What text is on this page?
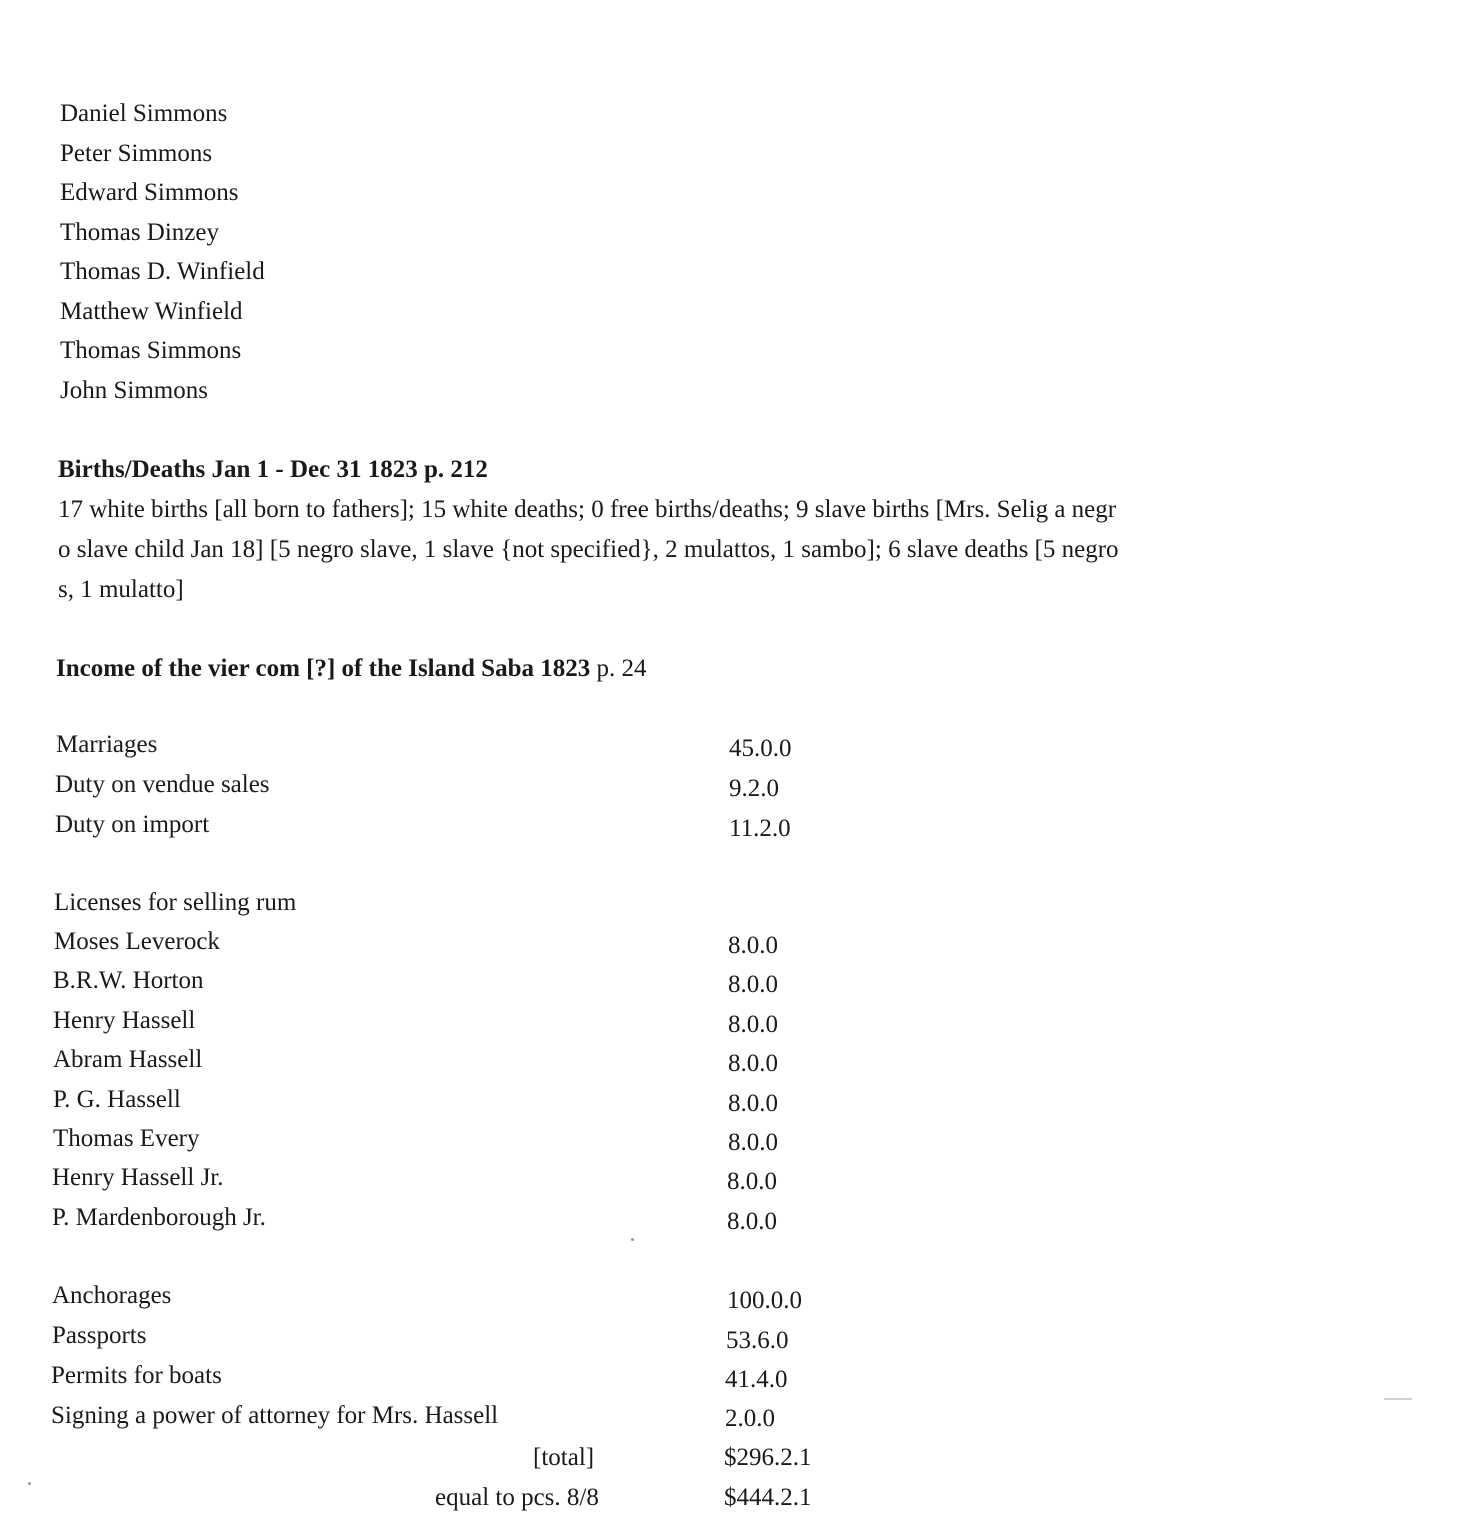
Daniel Simmons
Peter Simmons
Edward Simmons
Thomas Dinzey
Thomas D. Winfield
Matthew Winfield
Thomas Simmons
John Simmons
Births/Deaths Jan 1 - Dec 31 1823 p. 212
17 white births [all born to fathers]; 15 white deaths; 0 free births/deaths; 9 slave births [Mrs. Selig a negr
o slave child Jan 18] [5 negro slave, 1 slave {not specified}, 2 mulattos, 1 sambo]; 6 slave deaths [5 negro
s, 1 mulatto]
Income of the vier com [?] of the Island Saba 1823 p. 24
Marriages	45.0.0
Duty on vendue sales	9.2.0
Duty on import	11.2.0
Licenses for selling rum
Moses Leverock	8.0.0
B.R.W. Horton	8.0.0
Henry Hassell	8.0.0
Abram Hassell	8.0.0
P. G. Hassell	8.0.0
Thomas Every	8.0.0
Henry Hassell Jr.	8.0.0
P. Mardenborough Jr.	8.0.0
Anchorages	100.0.0
Passports	53.6.0
Permits for boats	41.4.0
Signing a power of attorney for Mrs. Hassell	2.0.0
[total]	$296.2.1
equal to pcs. 8/8	$444.2.1
